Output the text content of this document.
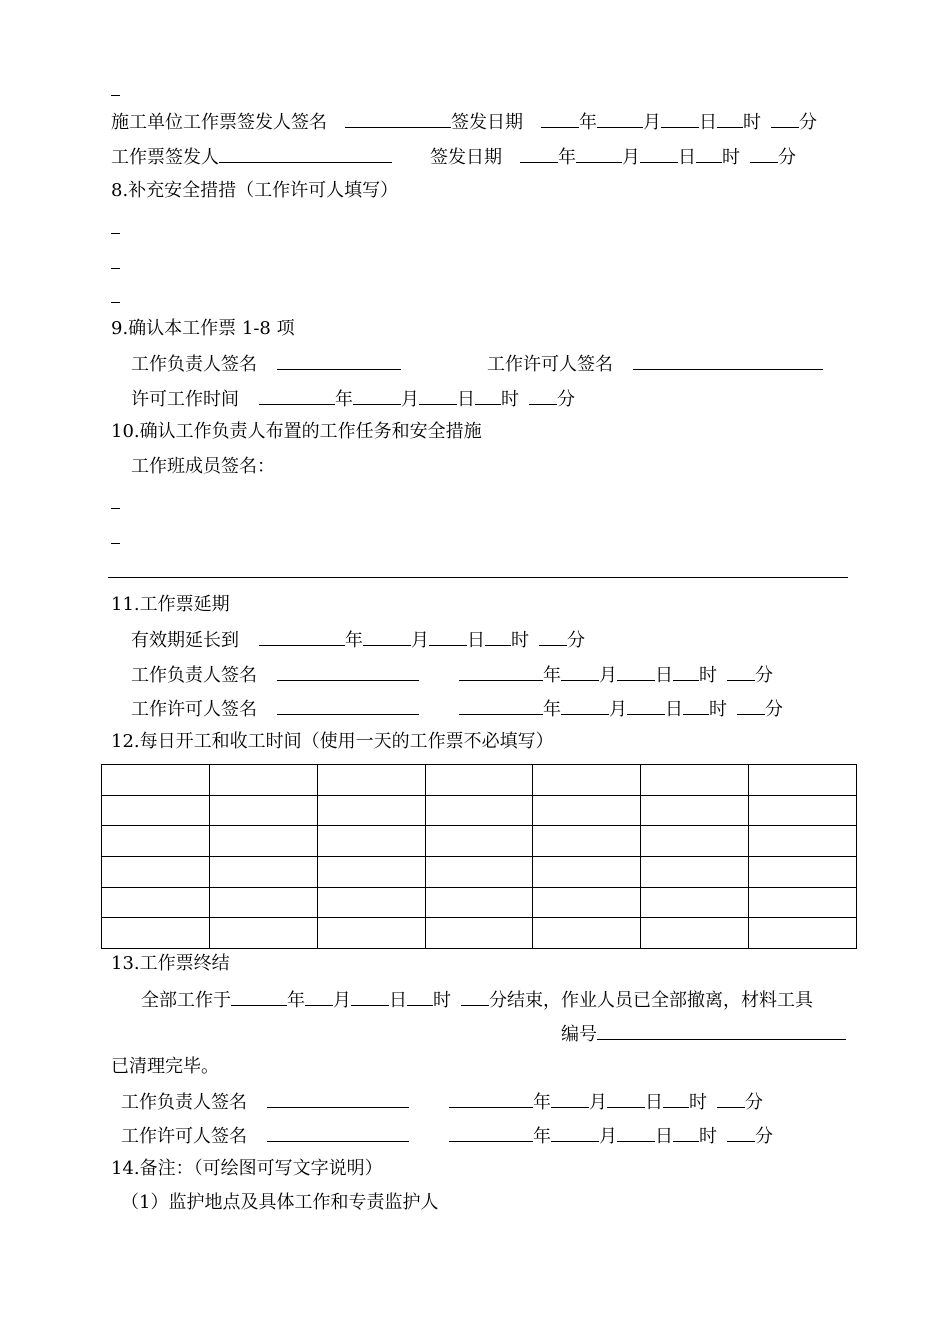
施工单位工作票签发人签名	签发日期	年	月 日 时 分
工作票签发人	签发日期	年	月 日 时 分
8.补充安全措措（工作许可人填写）
9.确认本工作票 1-8 项
工作负责人签名	工作许可人签名
许可工作时间	年	月 日 时 分
10.确认工作负责人布置的工作任务和安全措施
工作班成员签名：
11.工作票延期
有效期延长到	年	月 日 时 分
工作负责人签名	年 月 日 时 分
工作许可人签名	年	月 日 时 分
12.每日开工和收工时间（使用一天的工作票不必填写）

13.工作票终结
全部工作于	年 月 日 时 分结束，作业人员已全部撤离，材料工具
编号
已清理完毕。
工作负责人签名	年 月 日 时 分
工作许可人签名	年	月 日 时 分
14.备注：（可绘图可写文字说明）
（1）监护地点及具体工作和专责监护人
